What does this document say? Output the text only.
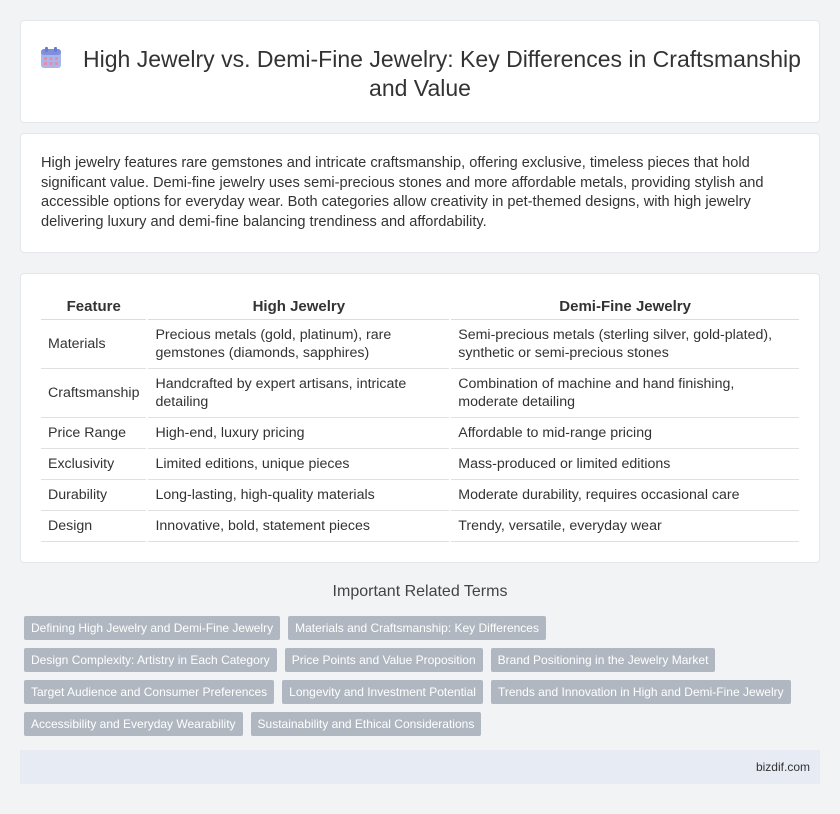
High Jewelry vs. Demi-Fine Jewelry: Key Differences in Craftsmanship and Value

High jewelry features rare gemstones and intricate craftsmanship, offering exclusive, timeless pieces that hold significant value. Demi-fine jewelry uses semi-precious stones and more affordable metals, providing stylish and accessible options for everyday wear. Both categories allow creativity in pet-themed designs, with high jewelry delivering luxury and demi-fine balancing trendiness and affordability.

Feature	High Jewelry	Demi-Fine Jewelry
Materials	Precious metals (gold, platinum), rare gemstones (diamonds, sapphires)	Semi-precious metals (sterling silver, gold-plated), synthetic or semi-precious stones
Craftsmanship	Handcrafted by expert artisans, intricate detailing	Combination of machine and hand finishing, moderate detailing
Price Range	High-end, luxury pricing	Affordable to mid-range pricing
Exclusivity	Limited editions, unique pieces	Mass-produced or limited editions
Durability	Long-lasting, high-quality materials	Moderate durability, requires occasional care
Design	Innovative, bold, statement pieces	Trendy, versatile, everyday wear
Important Related Terms
Defining High Jewelry and Demi-Fine Jewelry	Materials and Craftsmanship: Key Differences
Design Complexity: Artistry in Each Category	Price Points and Value Proposition	Brand Positioning in the Jewelry Market
Target Audience and Consumer Preferences	Longevity and Investment Potential	Trends and Innovation in High and Demi-Fine Jewelry
Accessibility and Everyday Wearability	Sustainability and Ethical Considerations
bizdif.com
